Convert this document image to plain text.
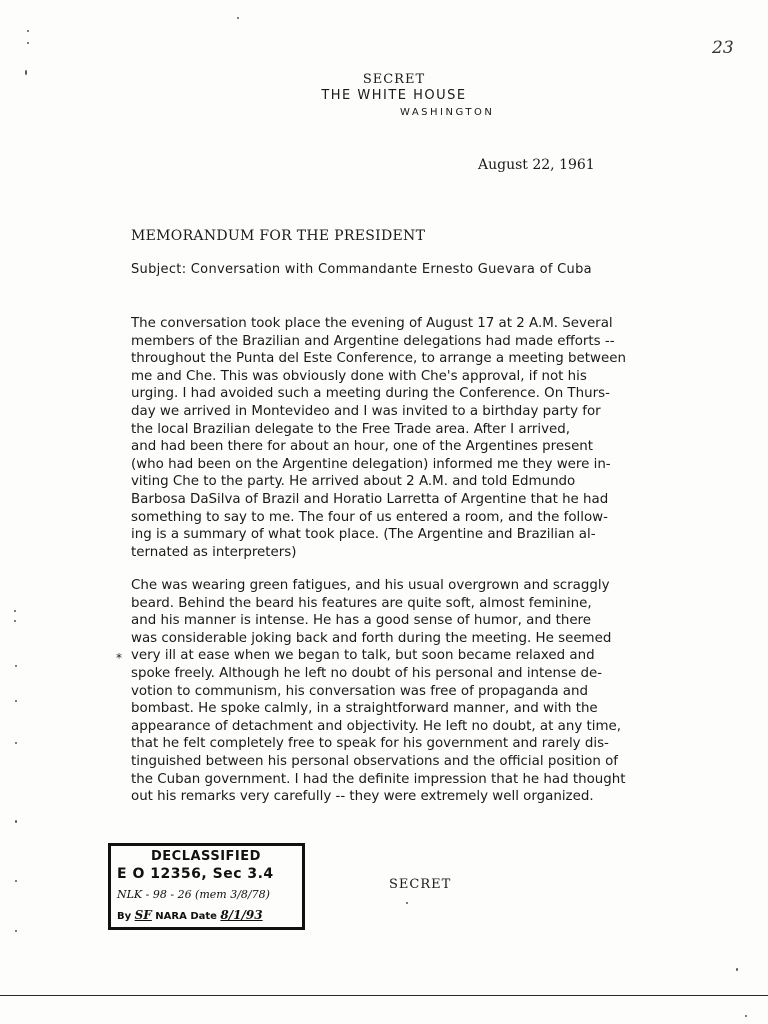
23
SECRET
THE WHITE HOUSE
WASHINGTON
August 22, 1961
MEMORANDUM FOR THE PRESIDENT
Subject: Conversation with Commandante Ernesto Guevara of Cuba
The conversation took place the evening of August 17 at 2 A.M. Several
members of the Brazilian and Argentine delegations had made efforts --
throughout the Punta del Este Conference, to arrange a meeting between
me and Che. This was obviously done with Che's approval, if not his
urging. I had avoided such a meeting during the Conference. On Thurs-
day we arrived in Montevideo and I was invited to a birthday party for
the local Brazilian delegate to the Free Trade area. After I arrived,
and had been there for about an hour, one of the Argentines present
(who had been on the Argentine delegation) informed me they were in-
viting Che to the party. He arrived about 2 A.M. and told Edmundo
Barbosa DaSilva of Brazil and Horatio Larretta of Argentine that he had
something to say to me. The four of us entered a room, and the follow-
ing is a summary of what took place. (The Argentine and Brazilian al-
ternated as interpreters)
*
Che was wearing green fatigues, and his usual overgrown and scraggly
beard. Behind the beard his features are quite soft, almost feminine,
and his manner is intense. He has a good sense of humor, and there
was considerable joking back and forth during the meeting. He seemed
very ill at ease when we began to talk, but soon became relaxed and
spoke freely. Although he left no doubt of his personal and intense de-
votion to communism, his conversation was free of propaganda and
bombast. He spoke calmly, in a straightforward manner, and with the
appearance of detachment and objectivity. He left no doubt, at any time,
that he felt completely free to speak for his government and rarely dis-
tinguished between his personal observations and the official position of
the Cuban government. I had the definite impression that he had thought
out his remarks very carefully -- they were extremely well organized.
DECLASSIFIED
E O 12356, Sec 3.4
NLK - 98 - 26 (mem 3/8/78)
By SF NARA Date 8/1/93
SECRET
